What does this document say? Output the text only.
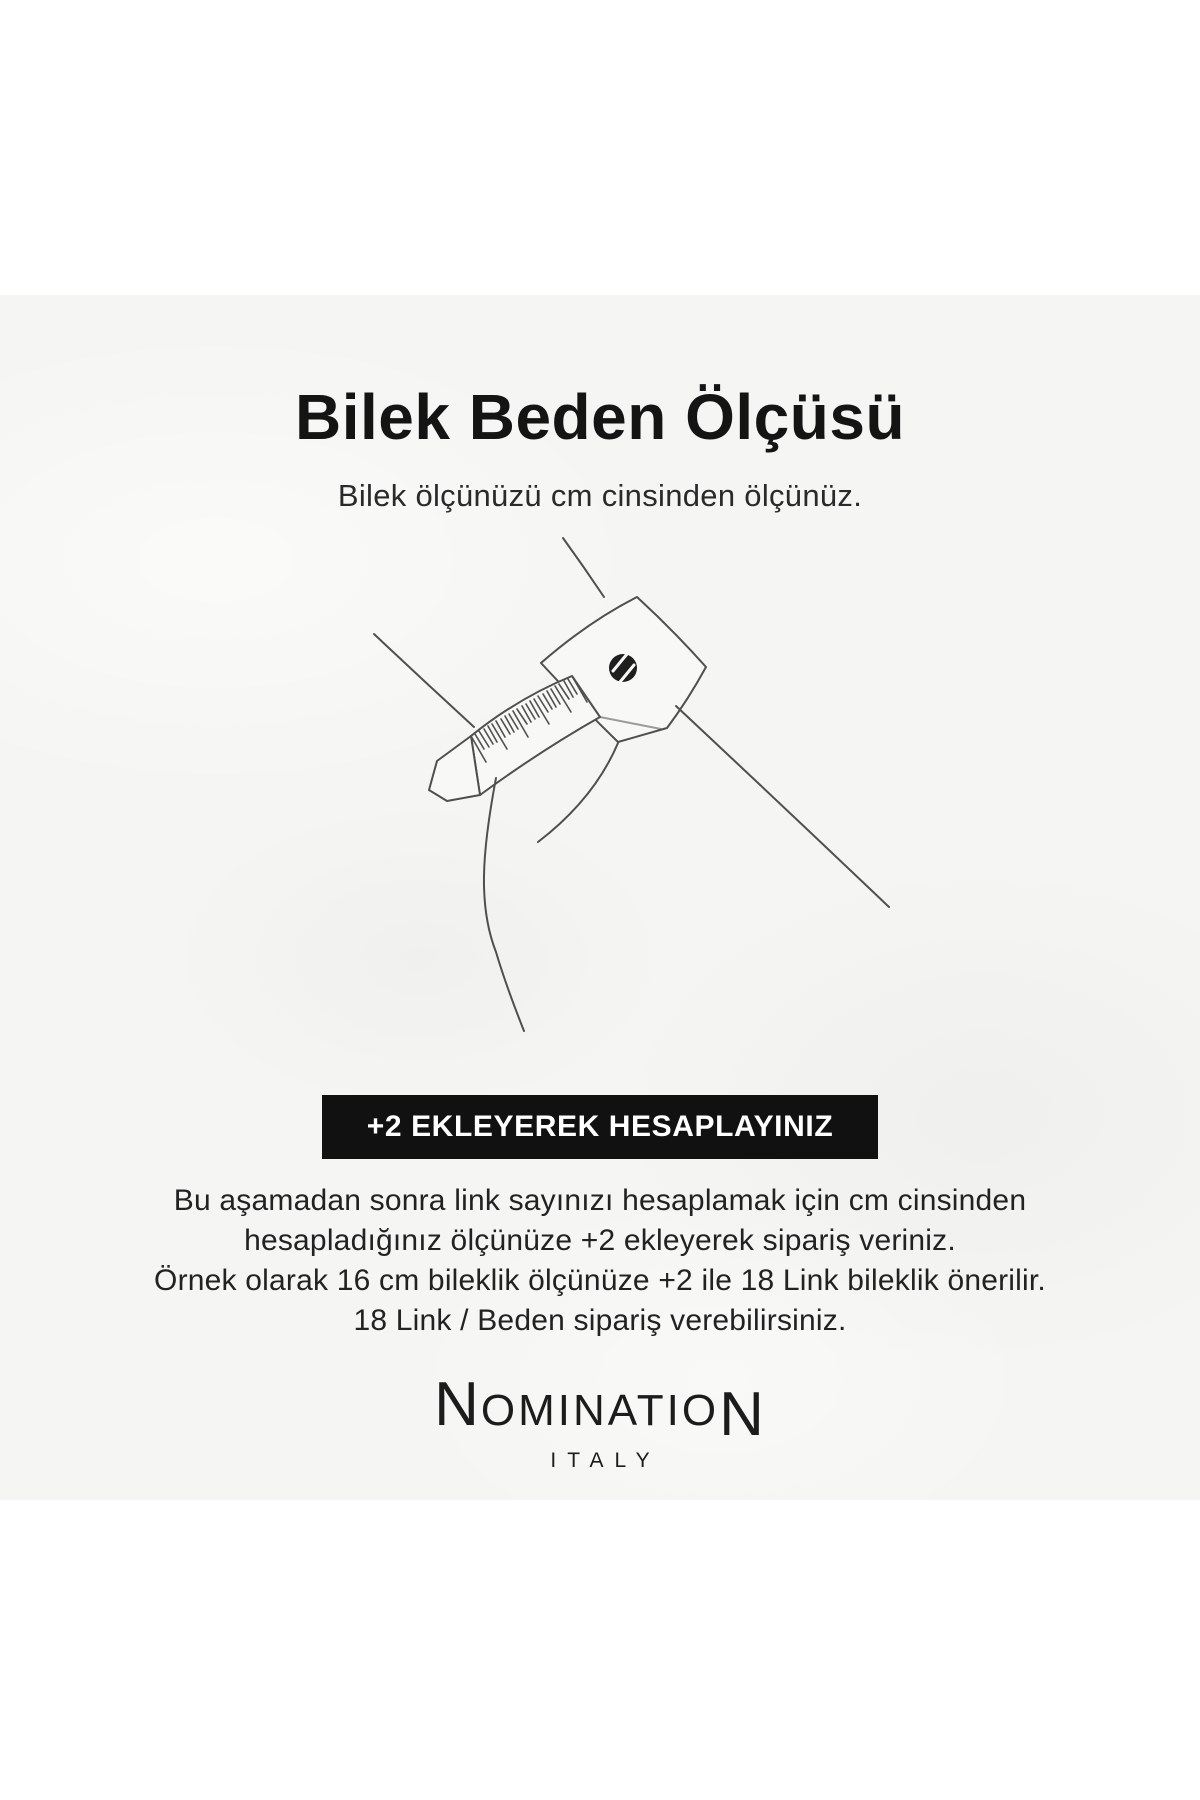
Bilek Beden Ölçüsü

Bilek ölçünüzü cm cinsinden ölçünüz.

+2 EKLEYEREK HESAPLAYINIZ

Bu aşamadan sonra link sayınızı hesaplamak için cm cinsinden

hesapladığınız ölçünüze +2 ekleyerek sipariş veriniz.

Örnek olarak 16 cm bileklik ölçünüze +2 ile 18 Link bileklik önerilir.

18 Link / Beden sipariş verebilirsiniz.

N OMINATIO N
ITALY
